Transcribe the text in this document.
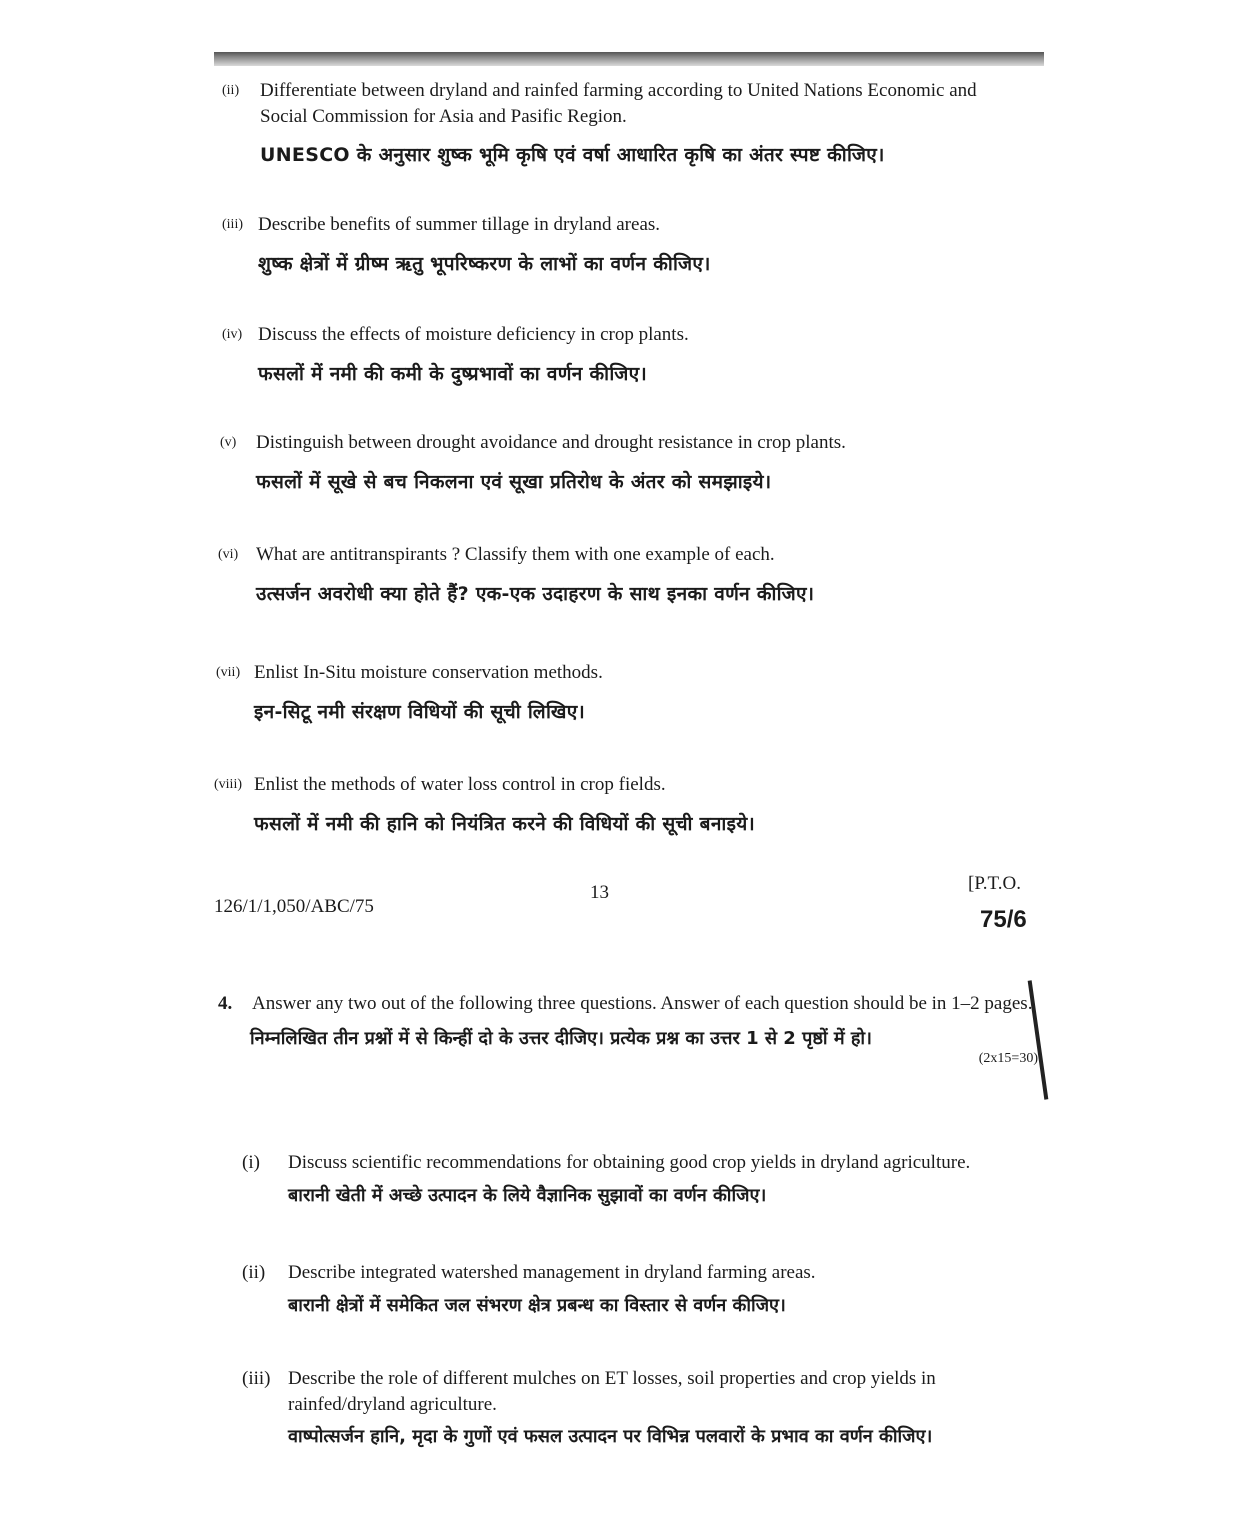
(ii) Differentiate between dryland and rainfed farming according to United Nations Economic and Social Commission for Asia and Pasific Region.
UNESCO के अनुसार शुष्क भूमि कृषि एवं वर्षा आधारित कृषि का अंतर स्पष्ट कीजिए।
(iii) Describe benefits of summer tillage in dryland areas.
शुष्क क्षेत्रों में ग्रीष्म ऋतु भूपरिष्करण के लाभों का वर्णन कीजिए।
(iv) Discuss the effects of moisture deficiency in crop plants.
फसलों में नमी की कमी के दुष्प्रभावों का वर्णन कीजिए।
(v) Distinguish between drought avoidance and drought resistance in crop plants.
फसलों में सूखे से बच निकलना एवं सूखा प्रतिरोध के अंतर को समझाइये।
(vi) What are antitranspirants ? Classify them with one example of each.
उत्सर्जन अवरोधी क्या होते हैं? एक-एक उदाहरण के साथ इनका वर्णन कीजिए।
(vii) Enlist In-Situ moisture conservation methods.
इन-सिटू नमी संरक्षण विधियों की सूची लिखिए।
(viii) Enlist the methods of water loss control in crop fields.
फसलों में नमी की हानि को नियंत्रित करने की विधियों की सूची बनाइये।
126/1/1,050/ABC/75
13	[P.T.O.
75/6
4. Answer any two out of the following three questions. Answer of each question should be in 1–2 pages.
(2x15=30)
निम्नलिखित तीन प्रश्नों में से किन्हीं दो के उत्तर दीजिए। प्रत्येक प्रश्न का उत्तर 1 से 2 पृष्ठों में हो।
(i) Discuss scientific recommendations for obtaining good crop yields in dryland agriculture.
बारानी खेती में अच्छे उत्पादन के लिये वैज्ञानिक सुझावों का वर्णन कीजिए।
(ii) Describe integrated watershed management in dryland farming areas.
बारानी क्षेत्रों में समेकित जल संभरण क्षेत्र प्रबन्ध का विस्तार से वर्णन कीजिए।
(iii) Describe the role of different mulches on ET losses, soil properties and crop yields in rainfed/dryland agriculture.
वाष्पोत्सर्जन हानि, मृदा के गुणों एवं फसल उत्पादन पर विभिन्न पलवारों के प्रभाव का वर्णन कीजिए।
